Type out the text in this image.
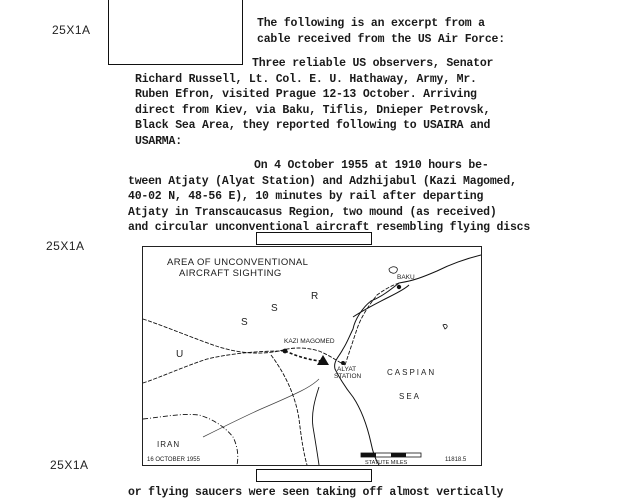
25X1A
25X1A
25X1A
The following is an excerpt from a
cable received from the US Air Force:
Three reliable US observers, Senator
Richard Russell, Lt. Col. E. U. Hathaway, Army, Mr.
Ruben Efron, visited Prague 12-13 October. Arriving
direct from Kiev, via Baku, Tiflis, Dnieper Petrovsk,
Black Sea Area, they reported following to USAIRA and
USARMA:
On 4 October 1955 at 1910 hours be-
tween Atjaty (Alyat Station) and Adzhijabul (Kazi Magomed,
40-02 N, 48-56 E), 10 minutes by rail after departing
Atjaty in Transcaucasus Region, two mound (as received)
and circular unconventional aircraft resembling flying discs
BAKU
KAZI MAGOMED
ALYAT
STATION	CASPIAN
SEA
IRAN
U
S
S
R
STATUTE MILES
AREA OF UNCONVENTIONAL
AIRCRAFT SIGHTING
16 OCTOBER 1955	11818.5
or flying saucers were seen taking off almost vertically
